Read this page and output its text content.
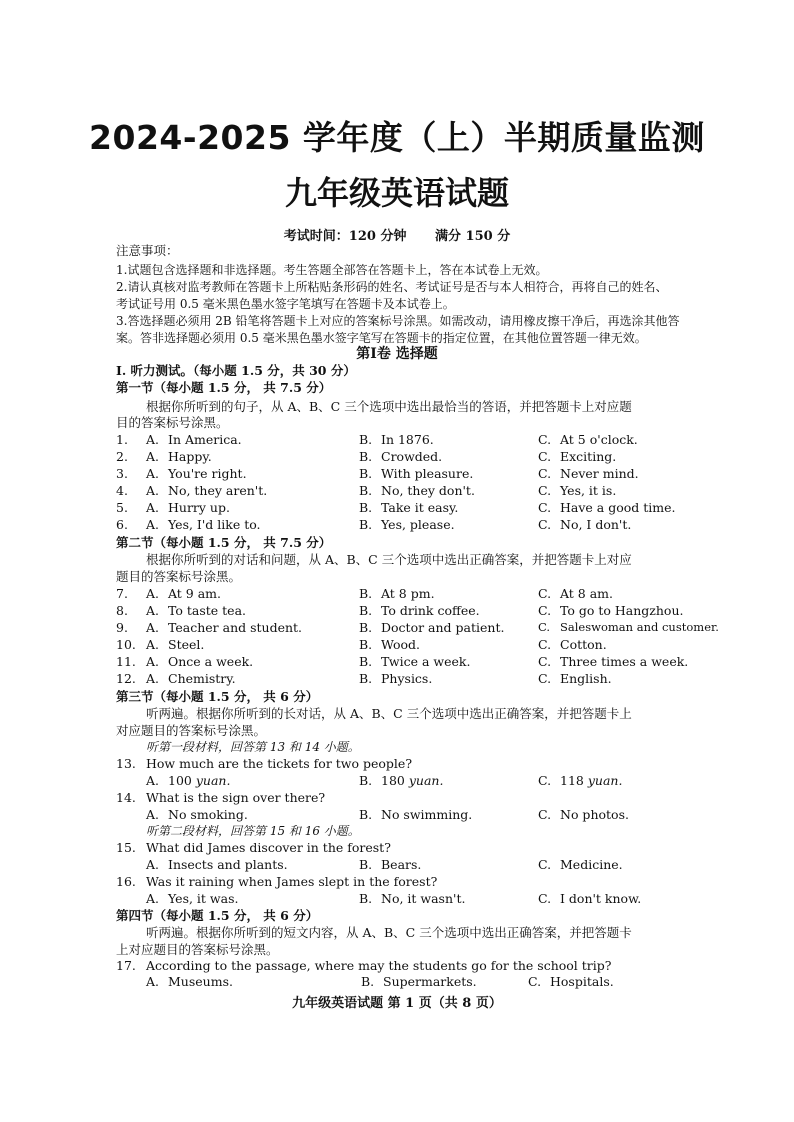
2024-2025 学年度（上）半期质量监测
九年级英语试题
考试时间：120 分钟 满分 150 分
注意事项：
1.试题包含选择题和非选择题。考生答题全部答在答题卡上，答在本试卷上无效。
2.请认真核对监考教师在答题卡上所粘贴条形码的姓名、考试证号是否与本人相符合，再将自己的姓名、
考试证号用 0.5 毫米黑色墨水签字笔填写在答题卡及本试卷上。
3.答选择题必须用 2B 铅笔将答题卡上对应的答案标号涂黑。如需改动，请用橡皮擦干净后，再选涂其他答
案。答非选择题必须用 0.5 毫米黑色墨水签字笔写在答题卡的指定位置，在其他位置答题一律无效。
第Ⅰ卷 选择题
Ⅰ. 听力测试。（每小题 1.5 分，共 30 分）
第一节（每小题 1.5 分， 共 7.5 分）
根据你所听到的句子，从 A、B、C 三个选项中选出最恰当的答语，并把答题卡上对应题
目的答案标号涂黑。
1. A. In America.	B. In 1876.	C. At 5 o'clock.
2. A. Happy.	B. Crowded.	C. Exciting.
3. A. You're right.	B. With pleasure.	C. Never mind.
4. A. No, they aren't.	B. No, they don't.	C. Yes, it is.
5. A. Hurry up.	B. Take it easy.	C. Have a good time.
6. A. Yes, I'd like to.	B. Yes, please.	C. No, I don't.
第二节（每小题 1.5 分， 共 7.5 分）
根据你所听到的对话和问题，从 A、B、C 三个选项中选出正确答案，并把答题卡上对应
题目的答案标号涂黑。
7. A. At 9 am.	B. At 8 pm.	C. At 8 am.
8. A. To taste tea.	B. To drink coffee.	C. To go to Hangzhou.
9. A. Teacher and student.	B. Doctor and patient.	C. Saleswoman and customer.
10. A. Steel.	B. Wood.	C. Cotton.
11. A. Once a week.	B. Twice a week.	C. Three times a week.
12. A. Chemistry.	B. Physics.	C. English.
第三节（每小题 1.5 分， 共 6 分）
听两遍。根据你所听到的长对话，从 A、B、C 三个选项中选出正确答案，并把答题卡上
对应题目的答案标号涂黑。
听第一段材料，回答第 13 和 14 小题。
13. How much are the tickets for two people?
A. 100 yuan.	B. 180 yuan.	C. 118 yuan.
14. What is the sign over there?
A. No smoking.	B. No swimming.	C. No photos.
听第二段材料，回答第 15 和 16 小题。
15. What did James discover in the forest?
A. Insects and plants.	B. Bears.	C. Medicine.
16. Was it raining when James slept in the forest?
A. Yes, it was.	B. No, it wasn't.	C. I don't know.
第四节（每小题 1.5 分， 共 6 分）
听两遍。根据你所听到的短文内容，从 A、B、C 三个选项中选出正确答案，并把答题卡
上对应题目的答案标号涂黑。
17. According to the passage, where may the students go for the school trip?
A. Museums.	B. Supermarkets.	C. Hospitals.
九年级英语试题 第 1 页（共 8 页）
